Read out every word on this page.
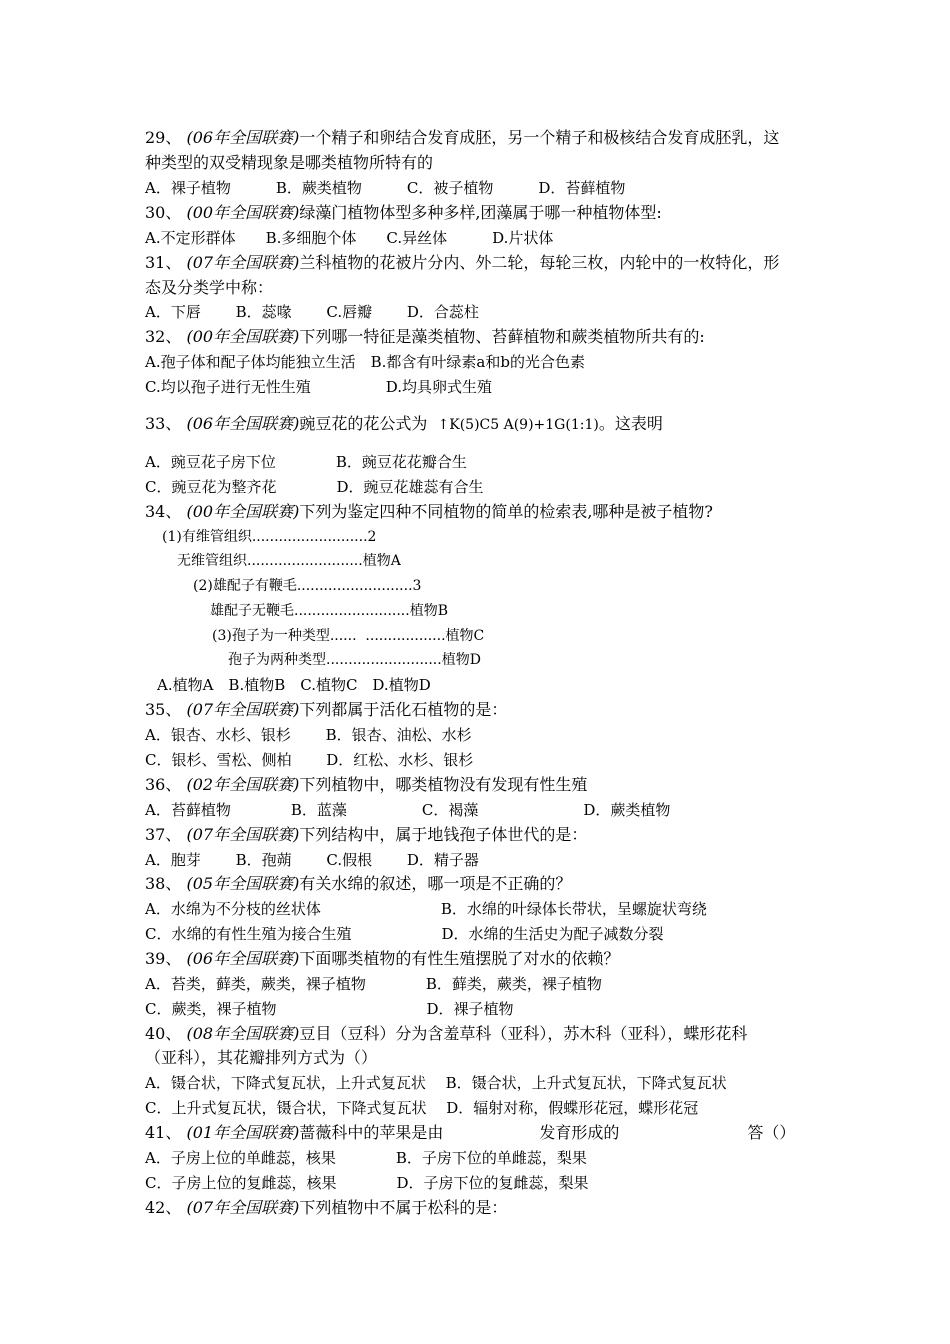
29、 (06年全国联赛)一个精子和卵结合发育成胚，另一个精子和极核结合发育成胚乳，这
种类型的双受精现象是哪类植物所特有的
A．裸子植物　　　B．蕨类植物　　　C．被子植物　　　D．苔藓植物
30、 (00年全国联赛)绿藻门植物体型多种多样,团藻属于哪一种植物体型:
A.不定形群体　　B.多细胞个体　　C.异丝体　　　D.片状体
31、 (07年全国联赛)兰科植物的花被片分内、外二轮，每轮三枚，内轮中的一枚特化，形
态及分类学中称：
A．下唇　　 B．蕊喙　　 C.唇瓣　　 D．合蕊柱
32、 (00年全国联赛)下列哪一特征是藻类植物、苔藓植物和蕨类植物所共有的:
A.孢子体和配子体均能独立生活　B.都含有叶绿素a和b的光合色素
C.均以孢子进行无性生殖　　　　　D.均具卵式生殖
33、 (06年全国联赛)豌豆花的花公式为 ↑K(5)C5 A(9)+1G(1:1)。这表明
A．豌豆花子房下位　　　　B．豌豆花花瓣合生
C．豌豆花为整齐花　　　　D．豌豆花雄蕊有合生
34、 (00年全国联赛)下列为鉴定四种不同植物的简单的检索表,哪种是被子植物?
(1)有维管组织..........................2
无维管组织..........................植物A
(2)雄配子有鞭毛..........................3
雄配子无鞭毛..........................植物B
(3)孢子为一种类型......  ..................植物C
孢子为两种类型..........................植物D
A.植物A　B.植物B　C.植物C　D.植物D
35、 (07年全国联赛)下列都属于活化石植物的是：
A．银杏、水杉、银杉　　 B．银杏、油松、水杉
C．银杉、雪松、侧柏　　 D．红松、水杉、银杉
36、 (02年全国联赛)下列植物中，哪类植物没有发现有性生殖
A．苔藓植物　　　　B．蓝藻　　　　　C．褐藻　　　　　　　D．蕨类植物
37、 (07年全国联赛)下列结构中，属于地钱孢子体世代的是：
A．胞芽　　 B．孢蒴　　 C.假根　　 D．精子器
38、 (05年全国联赛)有关水绵的叙述，哪一项是不正确的？
A．水绵为不分枝的丝状体　　　　　　　　B．水绵的叶绿体长带状，呈螺旋状弯绕
C．水绵的有性生殖为接合生殖　　　　　　D．水绵的生活史为配子减数分裂
39、 (06年全国联赛)下面哪类植物的有性生殖摆脱了对水的依赖？
A．苔类，藓类，蕨类，裸子植物　　　　B．藓类，蕨类，裸子植物
C．蕨类，裸子植物　　　　　　　　　　D．裸子植物
40、 (08年全国联赛)豆目（豆科）分为含羞草科（亚科），苏木科（亚科），蝶形花科
（亚科），其花瓣排列方式为（）
A．镊合状，下降式复瓦状，上升式复瓦状　 B．镊合状，上升式复瓦状，下降式复瓦状
C．上升式复瓦状，镊合状，下降式复瓦状　 D．辐射对称，假蝶形花冠，蝶形花冠
41、 (01年全国联赛)蔷薇科中的苹果是由　　　　　　发育形成的　　　　　　　　答（）
A．子房上位的单雌蕊，核果　　　　B．子房下位的单雌蕊，梨果
C．子房上位的复雌蕊，核果　　　　D．子房下位的复雌蕊，梨果
42、 (07年全国联赛)下列植物中不属于松科的是：
